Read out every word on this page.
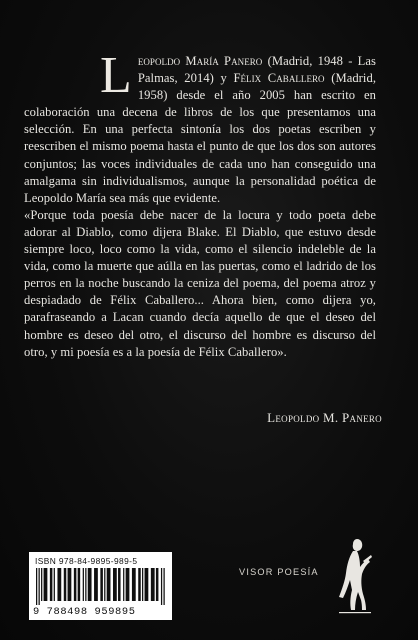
L eopoldo María Panero (Madrid, 1948 - Las Palmas, 2014) y Félix Caballero (Madrid, 1958) desde el año 2005 han escrito en colaboración una decena de libros de los que presentamos una selección. En una perfecta sintonía los dos poetas escriben y reescriben el mismo poema hasta el punto de que los dos son autores conjuntos; las voces individuales de cada uno han conseguido una amalgama sin individualismos, aunque la personalidad poética de Leopoldo María sea más que evidente.
«Porque toda poesía debe nacer de la locura y todo poeta debe adorar al Diablo, como dijera Blake. El Diablo, que estuvo desde siempre loco, loco como la vida, como el silencio indeleble de la vida, como la muerte que aúlla en las puertas, como el ladrido de los perros en la noche buscando la ceniza del poema, del poema atroz y despiadado de Félix Caballero... Ahora bien, como dijera yo, parafraseando a Lacan cuando decía aquello de que el deseo del hombre es deseo del otro, el discurso del hombre es discurso del otro, y mi poesía es a la poesía de Félix Caballero».
Leopoldo M. Panero
ISBN 978-84-9895-989-5
9 788498 959895
VISOR POESÍA
